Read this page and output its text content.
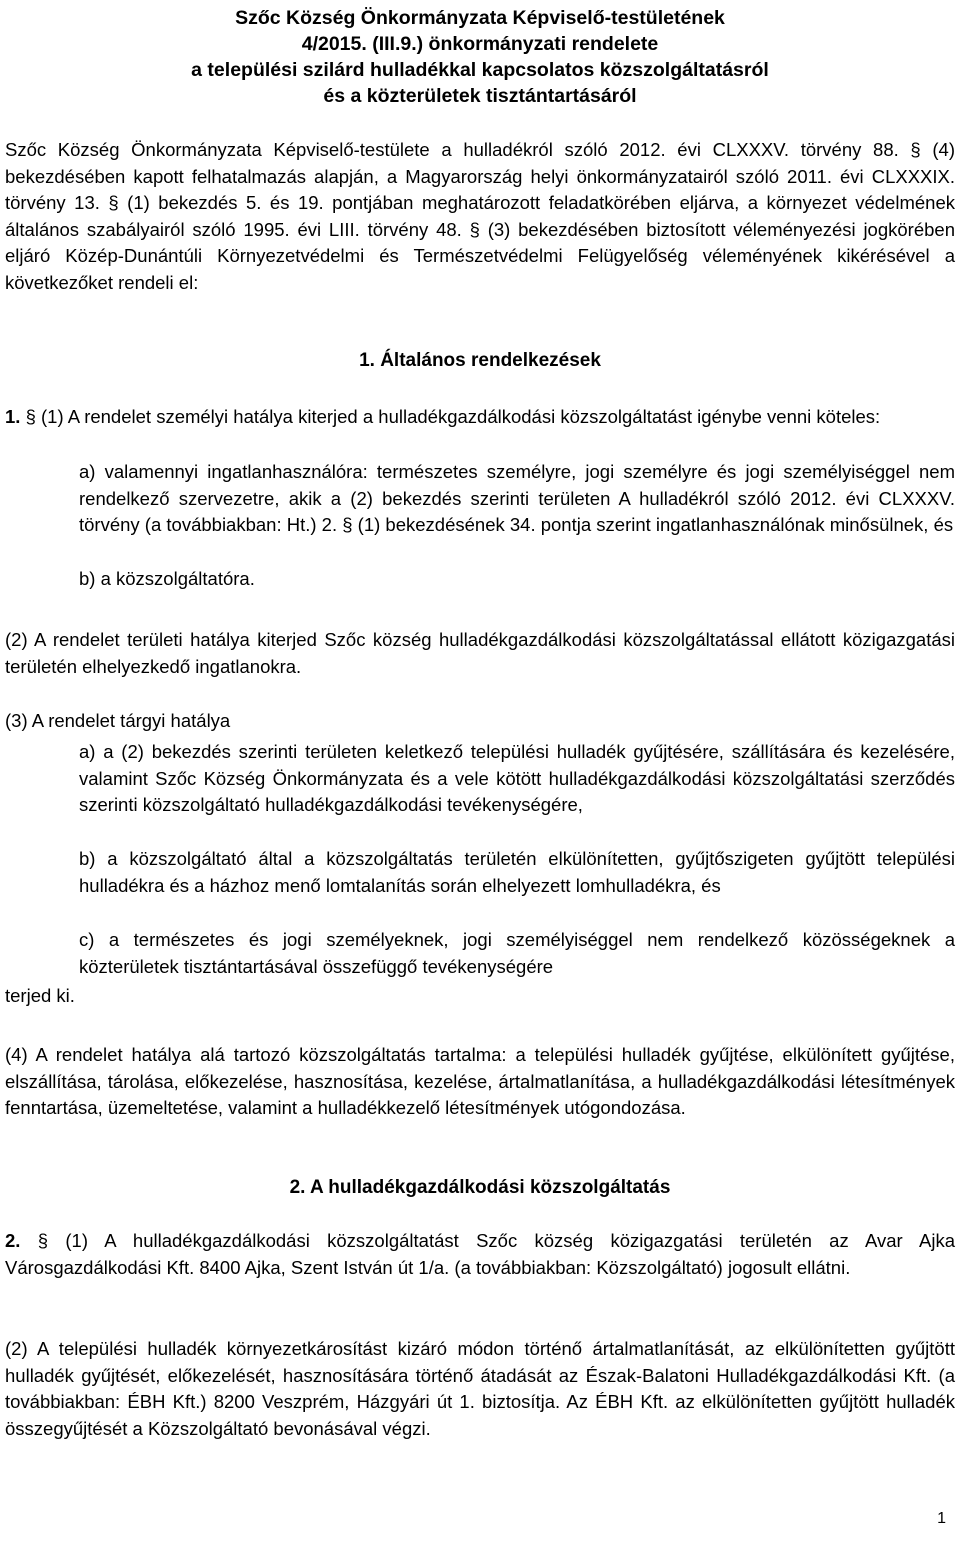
Szőc Község Önkormányzata Képviselő-testületének
4/2015. (III.9.) önkormányzati rendelete
a települési szilárd hulladékkal kapcsolatos közszolgáltatásról
és a közterületek tisztántartásáról

Szőc Község Önkormányzata Képviselő-testülete a hulladékról szóló 2012. évi CLXXXV. törvény 88. § (4) bekezdésében kapott felhatalmazás alapján, a Magyarország helyi önkormányzatairól szóló 2011. évi CLXXXIX. törvény 13. § (1) bekezdés 5. és 19. pontjában meghatározott feladatkörében eljárva, a környezet védelmének általános szabályairól szóló 1995. évi LIII. törvény 48. § (3) bekezdésében biztosított véleményezési jogkörében eljáró Közép-Dunántúli Környezetvédelmi és Természetvédelmi Felügyelőség véleményének kikérésével a következőket rendeli el:

1. Általános rendelkezések

1. § (1) A rendelet személyi hatálya kiterjed a hulladékgazdálkodási közszolgáltatást igénybe venni köteles:

a) valamennyi ingatlanhasználóra: természetes személyre, jogi személyre és jogi személyiséggel nem rendelkező szervezetre, akik a (2) bekezdés szerinti területen A hulladékról szóló 2012. évi CLXXXV. törvény (a továbbiakban: Ht.) 2. § (1) bekezdésének 34. pontja szerint ingatlanhasználónak minősülnek, és

b) a közszolgáltatóra.

(2) A rendelet területi hatálya kiterjed Szőc község hulladékgazdálkodási közszolgáltatással ellátott közigazgatási területén elhelyezkedő ingatlanokra.

(3) A rendelet tárgyi hatálya

a) a (2) bekezdés szerinti területen keletkező települési hulladék gyűjtésére, szállítására és kezelésére, valamint Szőc Község Önkormányzata és a vele kötött hulladékgazdálkodási közszolgáltatási szerződés szerinti közszolgáltató hulladékgazdálkodási tevékenységére,

b) a közszolgáltató által a közszolgáltatás területén elkülönítetten, gyűjtőszigeten gyűjtött települési hulladékra és a házhoz menő lomtalanítás során elhelyezett lomhulladékra, és

c) a természetes és jogi személyeknek, jogi személyiséggel nem rendelkező közösségeknek a közterületek tisztántartásával összefüggő tevékenységére

terjed ki.

(4) A rendelet hatálya alá tartozó közszolgáltatás tartalma: a települési hulladék gyűjtése, elkülönített gyűjtése, elszállítása, tárolása, előkezelése, hasznosítása, kezelése, ártalmatlanítása, a hulladékgazdálkodási létesítmények fenntartása, üzemeltetése, valamint a hulladékkezelő létesítmények utógondozása.

2. A hulladékgazdálkodási közszolgáltatás

2. § (1) A hulladékgazdálkodási közszolgáltatást Szőc község közigazgatási területén az Avar Ajka Városgazdálkodási Kft. 8400 Ajka, Szent István út 1/a. (a továbbiakban: Közszolgáltató) jogosult ellátni.

(2) A települési hulladék környezetkárosítást kizáró módon történő ártalmatlanítását, az elkülönítetten gyűjtött hulladék gyűjtését, előkezelését, hasznosítására történő átadását az Észak-Balatoni Hulladékgazdálkodási Kft. (a továbbiakban: ÉBH Kft.) 8200 Veszprém, Házgyári út 1. biztosítja. Az ÉBH Kft. az elkülönítetten gyűjtött hulladék összegyűjtését a Közszolgáltató bevonásával végzi.

1
